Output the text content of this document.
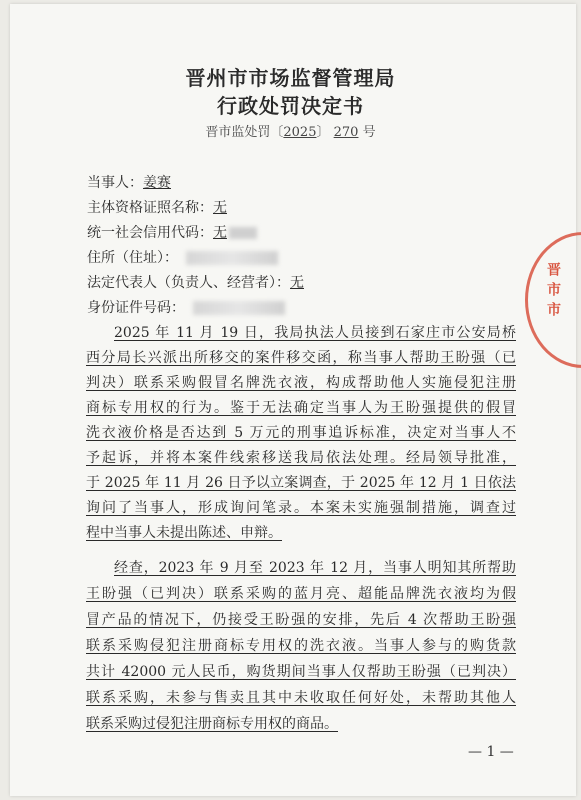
晋州市市场监督管理局
行政处罚决定书
晋市监处罚〔2025〕 270 号
当事人：姜赛
主体资格证照名称：无
统一社会信用代码：无
住所（住址）：
法定代表人（负责人、经营者）：无
身份证件号码：
2025 年 11 月 19 日，我局执法人员接到石家庄市公安局桥
西分局长兴派出所移交的案件移交函，称当事人帮助王盼强（已
判决）联系采购假冒名牌洗衣液，构成帮助他人实施侵犯注册
商标专用权的行为。鉴于无法确定当事人为王盼强提供的假冒
洗衣液价格是否达到 5 万元的刑事追诉标准，决定对当事人不
予起诉，并将本案件线索移送我局依法处理。经局领导批准，
于 2025 年 11 月 26 日予以立案调查，于 2025 年 12 月 1 日依法
询问了当事人，形成询问笔录。本案未实施强制措施，调查过
程中当事人未提出陈述、申辩。
经查，2023 年 9 月至 2023 年 12 月，当事人明知其所帮助
王盼强（已判决）联系采购的蓝月亮、超能品牌洗衣液均为假
冒产品的情况下，仍接受王盼强的安排，先后 4 次帮助王盼强
联系采购侵犯注册商标专用权的洗衣液。当事人参与的购货款
共计 42000 元人民币，购货期间当事人仅帮助王盼强（已判决）
联系采购，未参与售卖且其中未收取任何好处，未帮助其他人
联系采购过侵犯注册商标专用权的商品。
晋市市
— 1 —
